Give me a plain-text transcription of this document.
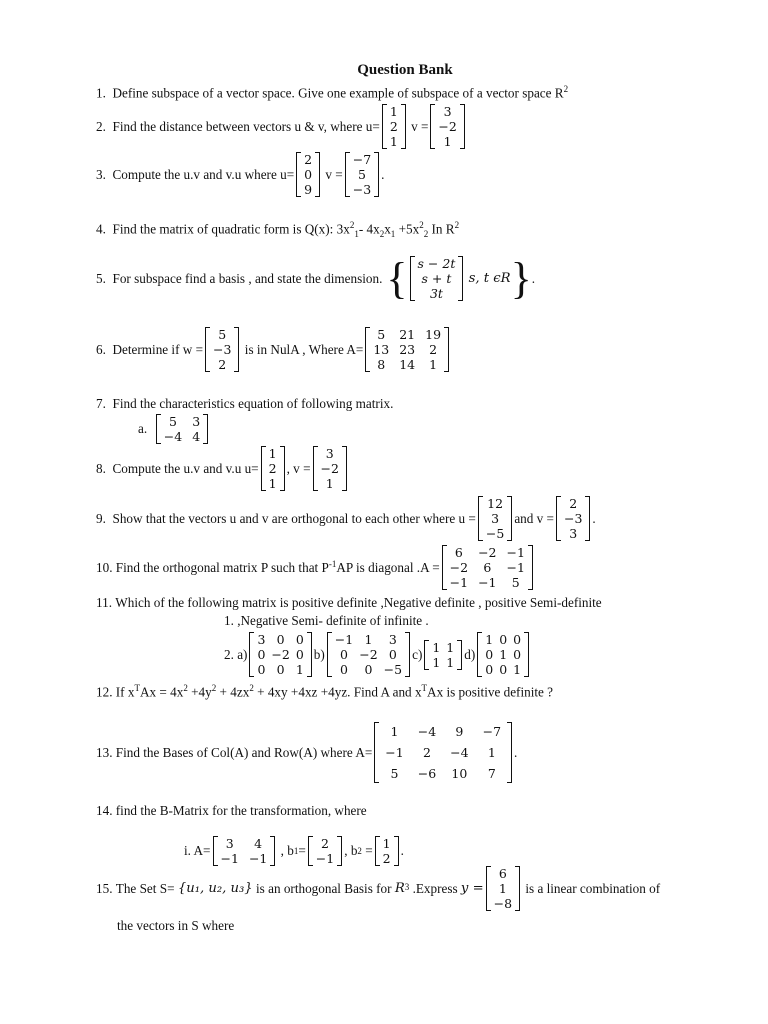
Question Bank
1. Define subspace of a vector space. Give one example of subspace of a vector space $R^2$
2.
Find the distance between vectors u & v, where u=
1
2
1

v =
3
−2
1
3.
Compute the u.v and v.u where u=
2
0
9

v =
−7
5
−3
.
4. Find the matrix of quadratic form is Q(x): $3x^2_1-$ $4x_2x_1 +5x^2_2$ In $R^2$
5.
For subspace find a basis , and state the dimension. { s − 2t
s + t
3t

s, t ϵR } .
6.
Determine if w =
5
−3
2

is in NulA , Where A=
5	21 19
13 23	2
8	14	1
7. Find the characteristics equation of following matrix.
a.
	5	3
−4 4
8.
Compute the u.v and v.u u=
1
2
1
, v =
3
−2
1
9.
Show that the vectors u and v are orthogonal to each other where u =
12
3
−5
and v =
2
−3
3
.
10.
Find the orthogonal matrix P such that $P^{-1}$ AP is diagonal .A =
6	−2 −1
−2	6	−1
−1 −1	5
11. Which of the following matrix is positive definite ,Negative definite , positive Semi-definite
1. ,Negative Semi- definite of infinite .
2. a)
3 0 0
0 −2 0
0 0 1
b)
−1 1	3
0 −2 0
0	0 −5
c) 1 1
1 1
d)
1 0 0
0 1 0
0 0 1
12. If $x^TAx = 4x^2 +4y^2 + 4zx^2 + 4xy +4xz +4yz$. Find A and $x^TAx$ is positive definite ?
13.
Find the Bases of Col(A) and Row(A) where A=
1	−4	9	−7
−1	2	−4	1
5	−6 10	7
.
14. find the B-Matrix for the transformation, where
i. A=	3	4
−1 −1

, b 1 =	2
−1
, b 2
= 1
2
.
15.
The Set S=
{u₁, u₂, u₃}
is an orthogonal Basis for
R 3
.Express
y =
6
1
−8

is a linear combination of
the vectors in S where
